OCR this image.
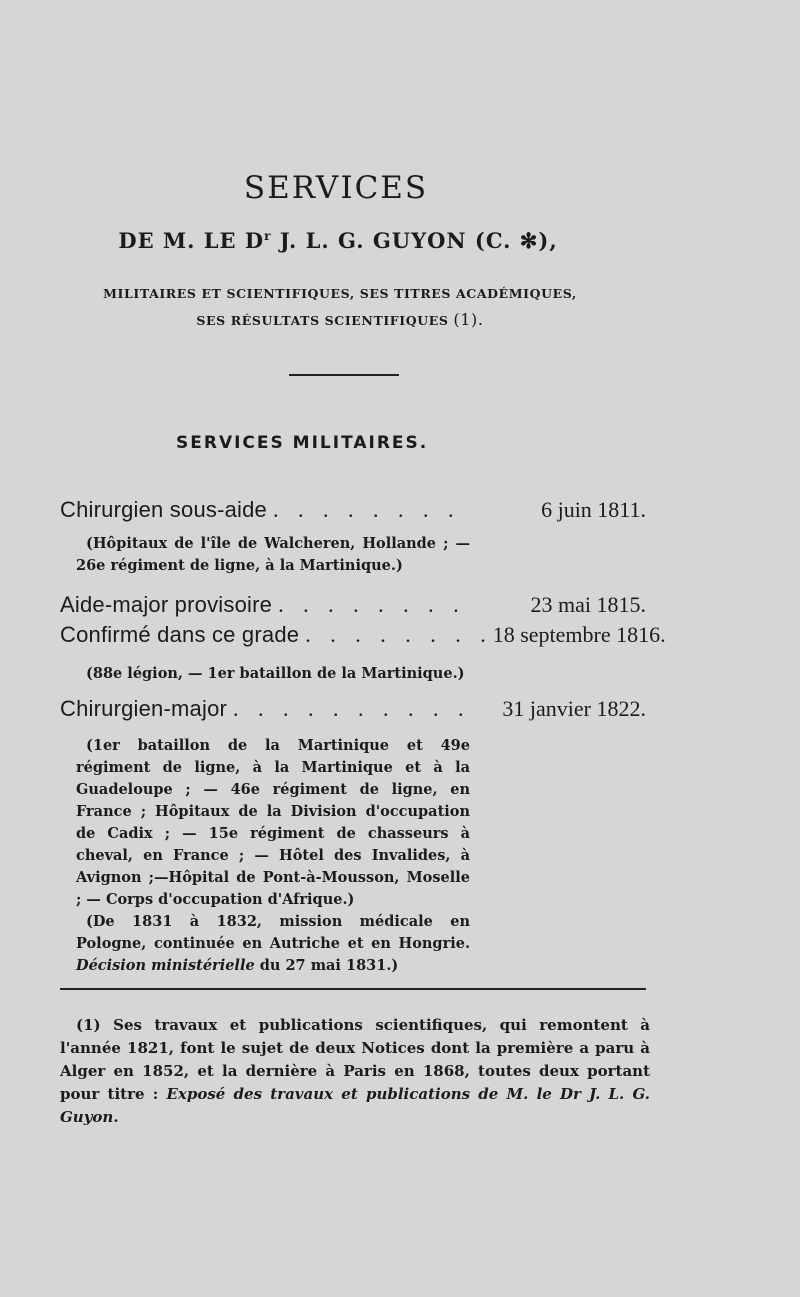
SERVICES
DE M. LE $D^r$ J. L. G. GUYON (C. ✻),
MILITAIRES ET SCIENTIFIQUES, SES TITRES ACADÉMIQUES,
SES RÉSULTATS SCIENTIFIQUES (1).
SERVICES MILITAIRES.
Chirurgien sous-aide . . . . . . . .	6 juin 1811.

(Hôpitaux de l'île de Walcheren, Hollande ; — 26e régiment de ligne, à la Martinique.)

Aide-major provisoire . . . . . . . .	23 mai 1815.
Confirmé dans ce grade . . . . . . . . 18 septembre 1816.

(88e légion, — 1er bataillon de la Martinique.)

Chirurgien-major . . . . . . . . . .	31 janvier 1822.

(1er bataillon de la Martinique et 49e régiment de ligne, à la Martinique et à la Guadeloupe ; — 46e régiment de ligne, en France ; Hôpitaux de la Division d'occupation de Cadix ; — 15e régiment de chasseurs à cheval, en France ; — Hôtel des Invalides, à Avignon ;—Hôpital de Pont-à-Mousson, Moselle ; — Corps d'occupation d'Afrique.)

(De 1831 à 1832, mission médicale en Pologne, continuée en Autriche et en Hongrie. Décision ministérielle du 27 mai 1831.)

(1) Ses travaux et publications scientifiques, qui remontent à l'année 1821, font le sujet de deux Notices dont la première a paru à Alger en 1852, et la dernière à Paris en 1868, toutes deux portant pour titre : Exposé des travaux et publications de M. le Dr J. L. G. Guyon.
